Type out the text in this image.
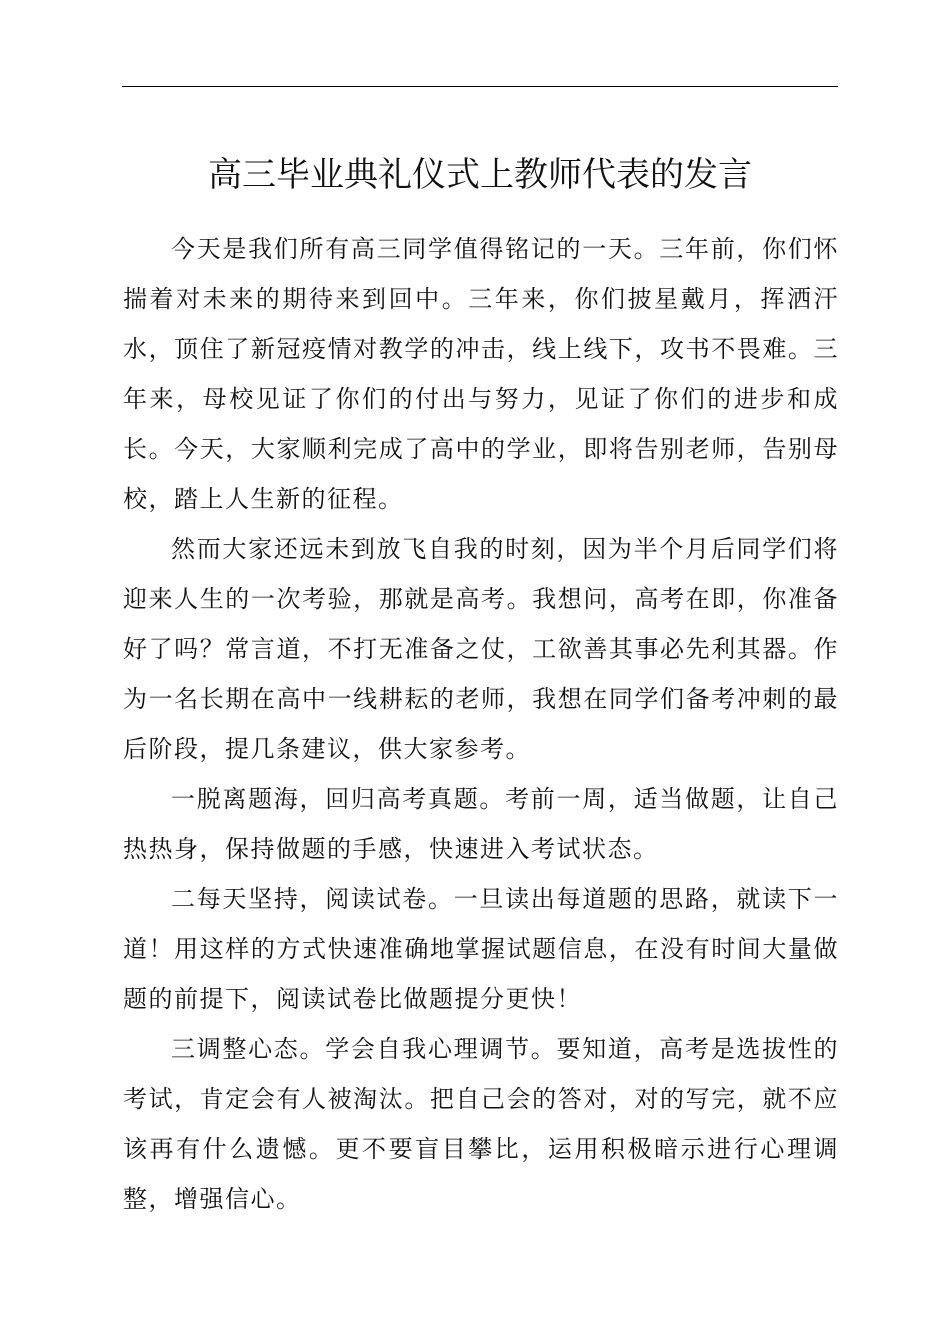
高三毕业典礼仪式上教师代表的发言

今天是我们所有高三同学值得铭记的一天。三年前，你们怀揣着对未来的期待来到回中。三年来，你们披星戴月，挥洒汗水，顶住了新冠疫情对教学的冲击，线上线下，攻书不畏难。三年来，母校见证了你们的付出与努力，见证了你们的进步和成长。今天，大家顺利完成了高中的学业，即将告别老师，告别母校，踏上人生新的征程。

然而大家还远未到放飞自我的时刻，因为半个月后同学们将迎来人生的一次考验，那就是高考。我想问，高考在即，你准备好了吗？常言道，不打无准备之仗，工欲善其事必先利其器。作为一名长期在高中一线耕耘的老师，我想在同学们备考冲刺的最后阶段，提几条建议，供大家参考。

一脱离题海，回归高考真题。考前一周，适当做题，让自己热热身，保持做题的手感，快速进入考试状态。

二每天坚持，阅读试卷。一旦读出每道题的思路，就读下一道！用这样的方式快速准确地掌握试题信息，在没有时间大量做题的前提下，阅读试卷比做题提分更快！

三调整心态。学会自我心理调节。要知道，高考是选拔性的考试，肯定会有人被淘汰。把自己会的答对，对的写完，就不应该再有什么遗憾。更不要盲目攀比，运用积极暗示进行心理调整，增强信心。
